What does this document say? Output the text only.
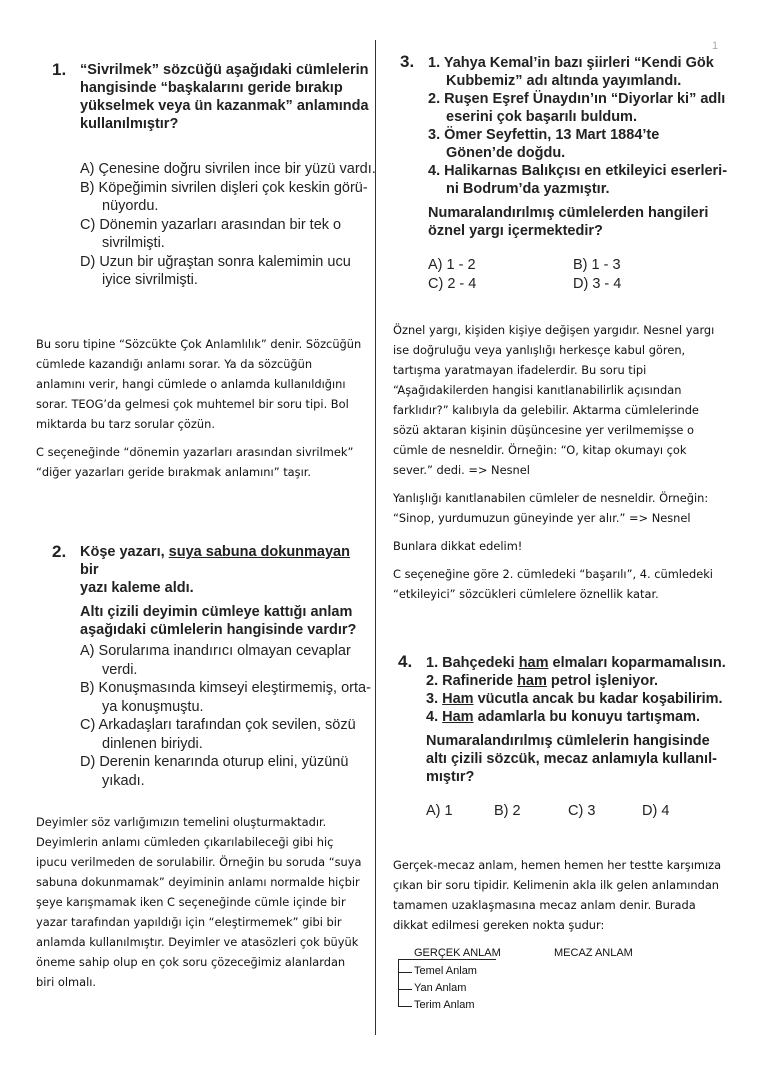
1
1. “Sivrilmek” sözcüğü aşağıdaki cümlelerin
hangisinde “başkalarını geride bırakıp
yükselmek veya ün kazanmak” anlamında
kullanılmıştır?
A) Çenesine doğru sivrilen ince bir yüzü vardı.
B) Köpeğimin sivrilen dişleri çok keskin görü-
nüyordu.
C) Dönemin yazarları arasından bir tek o
sivrilmişti.
D) Uzun bir uğraştan sonra kalemimin ucu
iyice sivrilmişti.

Bu soru tipine “Sözcükte Çok Anlamlılık” denir. Sözcüğün cümlede kazandığı anlamı sorar. Ya da sözcüğün anlamını verir, hangi cümlede o anlamda kullanıldığını sorar. TEOG’da gelmesi çok muhtemel bir soru tipi. Bol miktarda bu tarz sorular çözün.

C seçeneğinde “dönemin yazarları arasından sivrilmek” “diğer yazarları geride bırakmak anlamını” taşır.

2. Köşe yazarı, suya sabuna dokunmayan bir
yazı kaleme aldı.
Altı çizili deyimin cümleye kattığı anlam
aşağıdaki cümlelerin hangisinde vardır?
A) Sorularıma inandırıcı olmayan cevaplar
verdi.
B) Konuşmasında kimseyi eleştirmemiş, orta-
ya konuşmuştu.
C) Arkadaşları tarafından çok sevilen, sözü
dinlenen biriydi.
D) Derenin kenarında oturup elini, yüzünü
yıkadı.

Deyimler söz varlığımızın temelini oluşturmaktadır. Deyimlerin anlamı cümleden çıkarılabileceği gibi hiç ipucu verilmeden de sorulabilir. Örneğin bu soruda “suya sabuna dokunmamak” deyiminin anlamı normalde hiçbir şeye karışmamak iken C seçeneğinde cümle içinde bir yazar tarafından yapıldığı için “eleştirmemek” gibi bir anlamda kullanılmıştır. Deyimler ve atasözleri çok büyük öneme sahip olup en çok soru çözeceğimiz alanlardan biri olmalı.

3. 1. Yahya Kemal’in bazı şiirleri “Kendi Gök
Kubbemiz” adı altında yayımlandı.
2. Ruşen Eşref Ünaydın’ın “Diyorlar ki” adlı
eserini çok başarılı buldum.
3. Ömer Seyfettin, 13 Mart 1884’te
Gönen’de doğdu.
4. Halikarnas Balıkçısı en etkileyici eserleri-
ni Bodrum’da yazmıştır.
Numaralandırılmış cümlelerden hangileri
öznel yargı içermektedir?
A) 1 - 2	B) 1 - 3
C) 2 - 4	D) 3 - 4

Öznel yargı, kişiden kişiye değişen yargıdır. Nesnel yargı ise doğruluğu veya yanlışlığı herkesçe kabul gören, tartışma yaratmayan ifadelerdir. Bu soru tipi “Aşağıdakilerden hangisi kanıtlanabilirlik açısından farklıdır?” kalıbıyla da gelebilir. Aktarma cümlelerinde sözü aktaran kişinin düşüncesine yer verilmemişse o cümle de nesneldir. Örneğin: “O, kitap okumayı çok sever.” dedi. => Nesnel

Yanlışlığı kanıtlanabilen cümleler de nesneldir. Örneğin: “Sinop, yurdumuzun güneyinde yer alır.” => Nesnel

Bunlara dikkat edelim!

C seçeneğine göre 2. cümledeki “başarılı”, 4. cümledeki “etkileyici” sözcükleri cümlelere öznellik katar.

4. 1. Bahçedeki ham elmaları koparmamalısın.
2. Rafineride ham petrol işleniyor.
3. Ham vücutla ancak bu kadar koşabilirim.
4. Ham adamlarla bu konuyu tartışmam.
Numaralandırılmış cümlelerin hangisinde
altı çizili sözcük, mecaz anlamıyla kullanıl-
mıştır?
A) 1	B) 2	C) 3	D) 4

Gerçek-mecaz anlam, hemen hemen her testte karşımıza çıkan bir soru tipidir. Kelimenin akla ilk gelen anlamından tamamen uzaklaşmasına mecaz anlam denir. Burada dikkat edilmesi gereken nokta şudur:

GERÇEK ANLAM	MECAZ ANLAM
Temel Anlam
Yan Anlam
Terim Anlam
